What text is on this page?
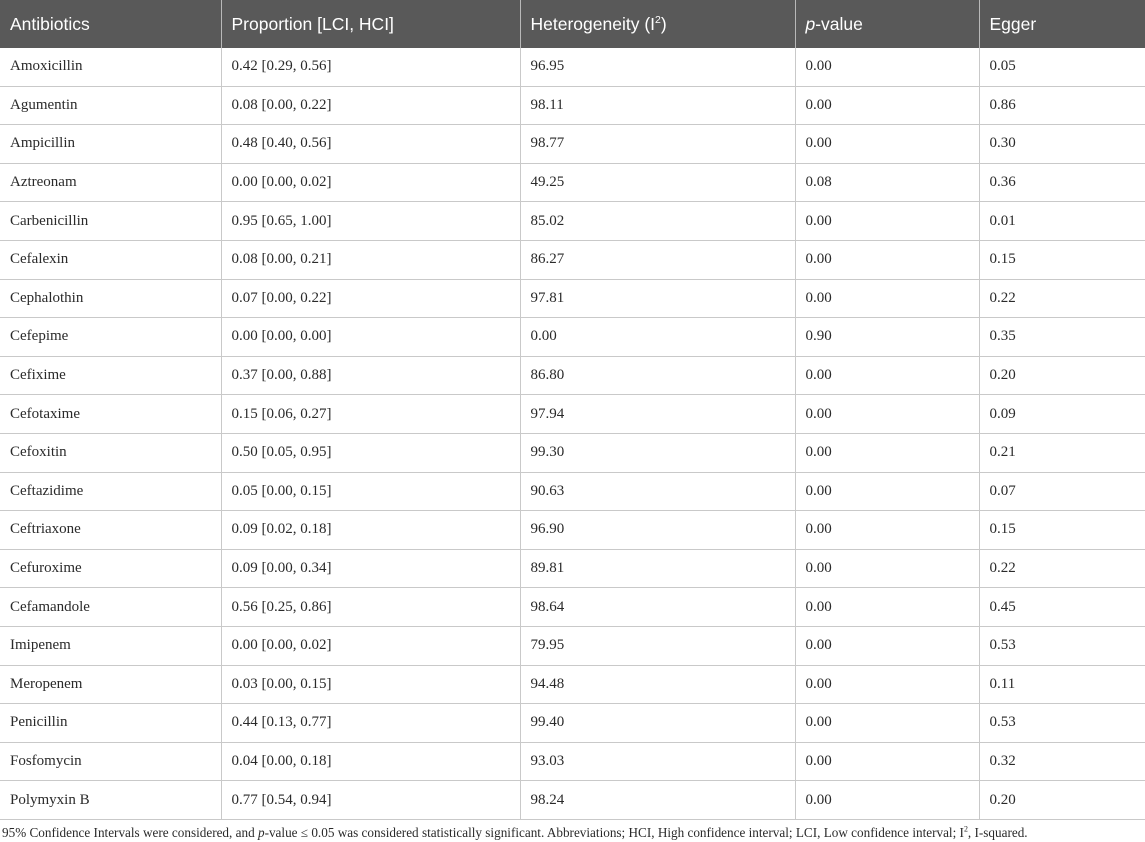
Antibiotics	Proportion [LCI, HCI]	Heterogeneity $(I^2)$	p-value	Egger
Amoxicillin	0.42 [0.29, 0.56]	96.95	0.00	0.05
Agumentin	0.08 [0.00, 0.22]	98.11	0.00	0.86
Ampicillin	0.48 [0.40, 0.56]	98.77	0.00	0.30
Aztreonam	0.00 [0.00, 0.02]	49.25	0.08	0.36
Carbenicillin	0.95 [0.65, 1.00]	85.02	0.00	0.01
Cefalexin	0.08 [0.00, 0.21]	86.27	0.00	0.15
Cephalothin	0.07 [0.00, 0.22]	97.81	0.00	0.22
Cefepime	0.00 [0.00, 0.00]	0.00	0.90	0.35
Cefixime	0.37 [0.00, 0.88]	86.80	0.00	0.20
Cefotaxime	0.15 [0.06, 0.27]	97.94	0.00	0.09
Cefoxitin	0.50 [0.05, 0.95]	99.30	0.00	0.21
Ceftazidime	0.05 [0.00, 0.15]	90.63	0.00	0.07
Ceftriaxone	0.09 [0.02, 0.18]	96.90	0.00	0.15
Cefuroxime	0.09 [0.00, 0.34]	89.81	0.00	0.22
Cefamandole	0.56 [0.25, 0.86]	98.64	0.00	0.45
Imipenem	0.00 [0.00, 0.02]	79.95	0.00	0.53
Meropenem	0.03 [0.00, 0.15]	94.48	0.00	0.11
Penicillin	0.44 [0.13, 0.77]	99.40	0.00	0.53
Fosfomycin	0.04 [0.00, 0.18]	93.03	0.00	0.32
Polymyxin B	0.77 [0.54, 0.94]	98.24	0.00	0.20
95% Confidence Intervals were considered, and p-value ≤ 0.05 was considered statistically significant. Abbreviations; HCI, High confidence interval; LCI, Low confidence interval; $I^2$, I-squared.
